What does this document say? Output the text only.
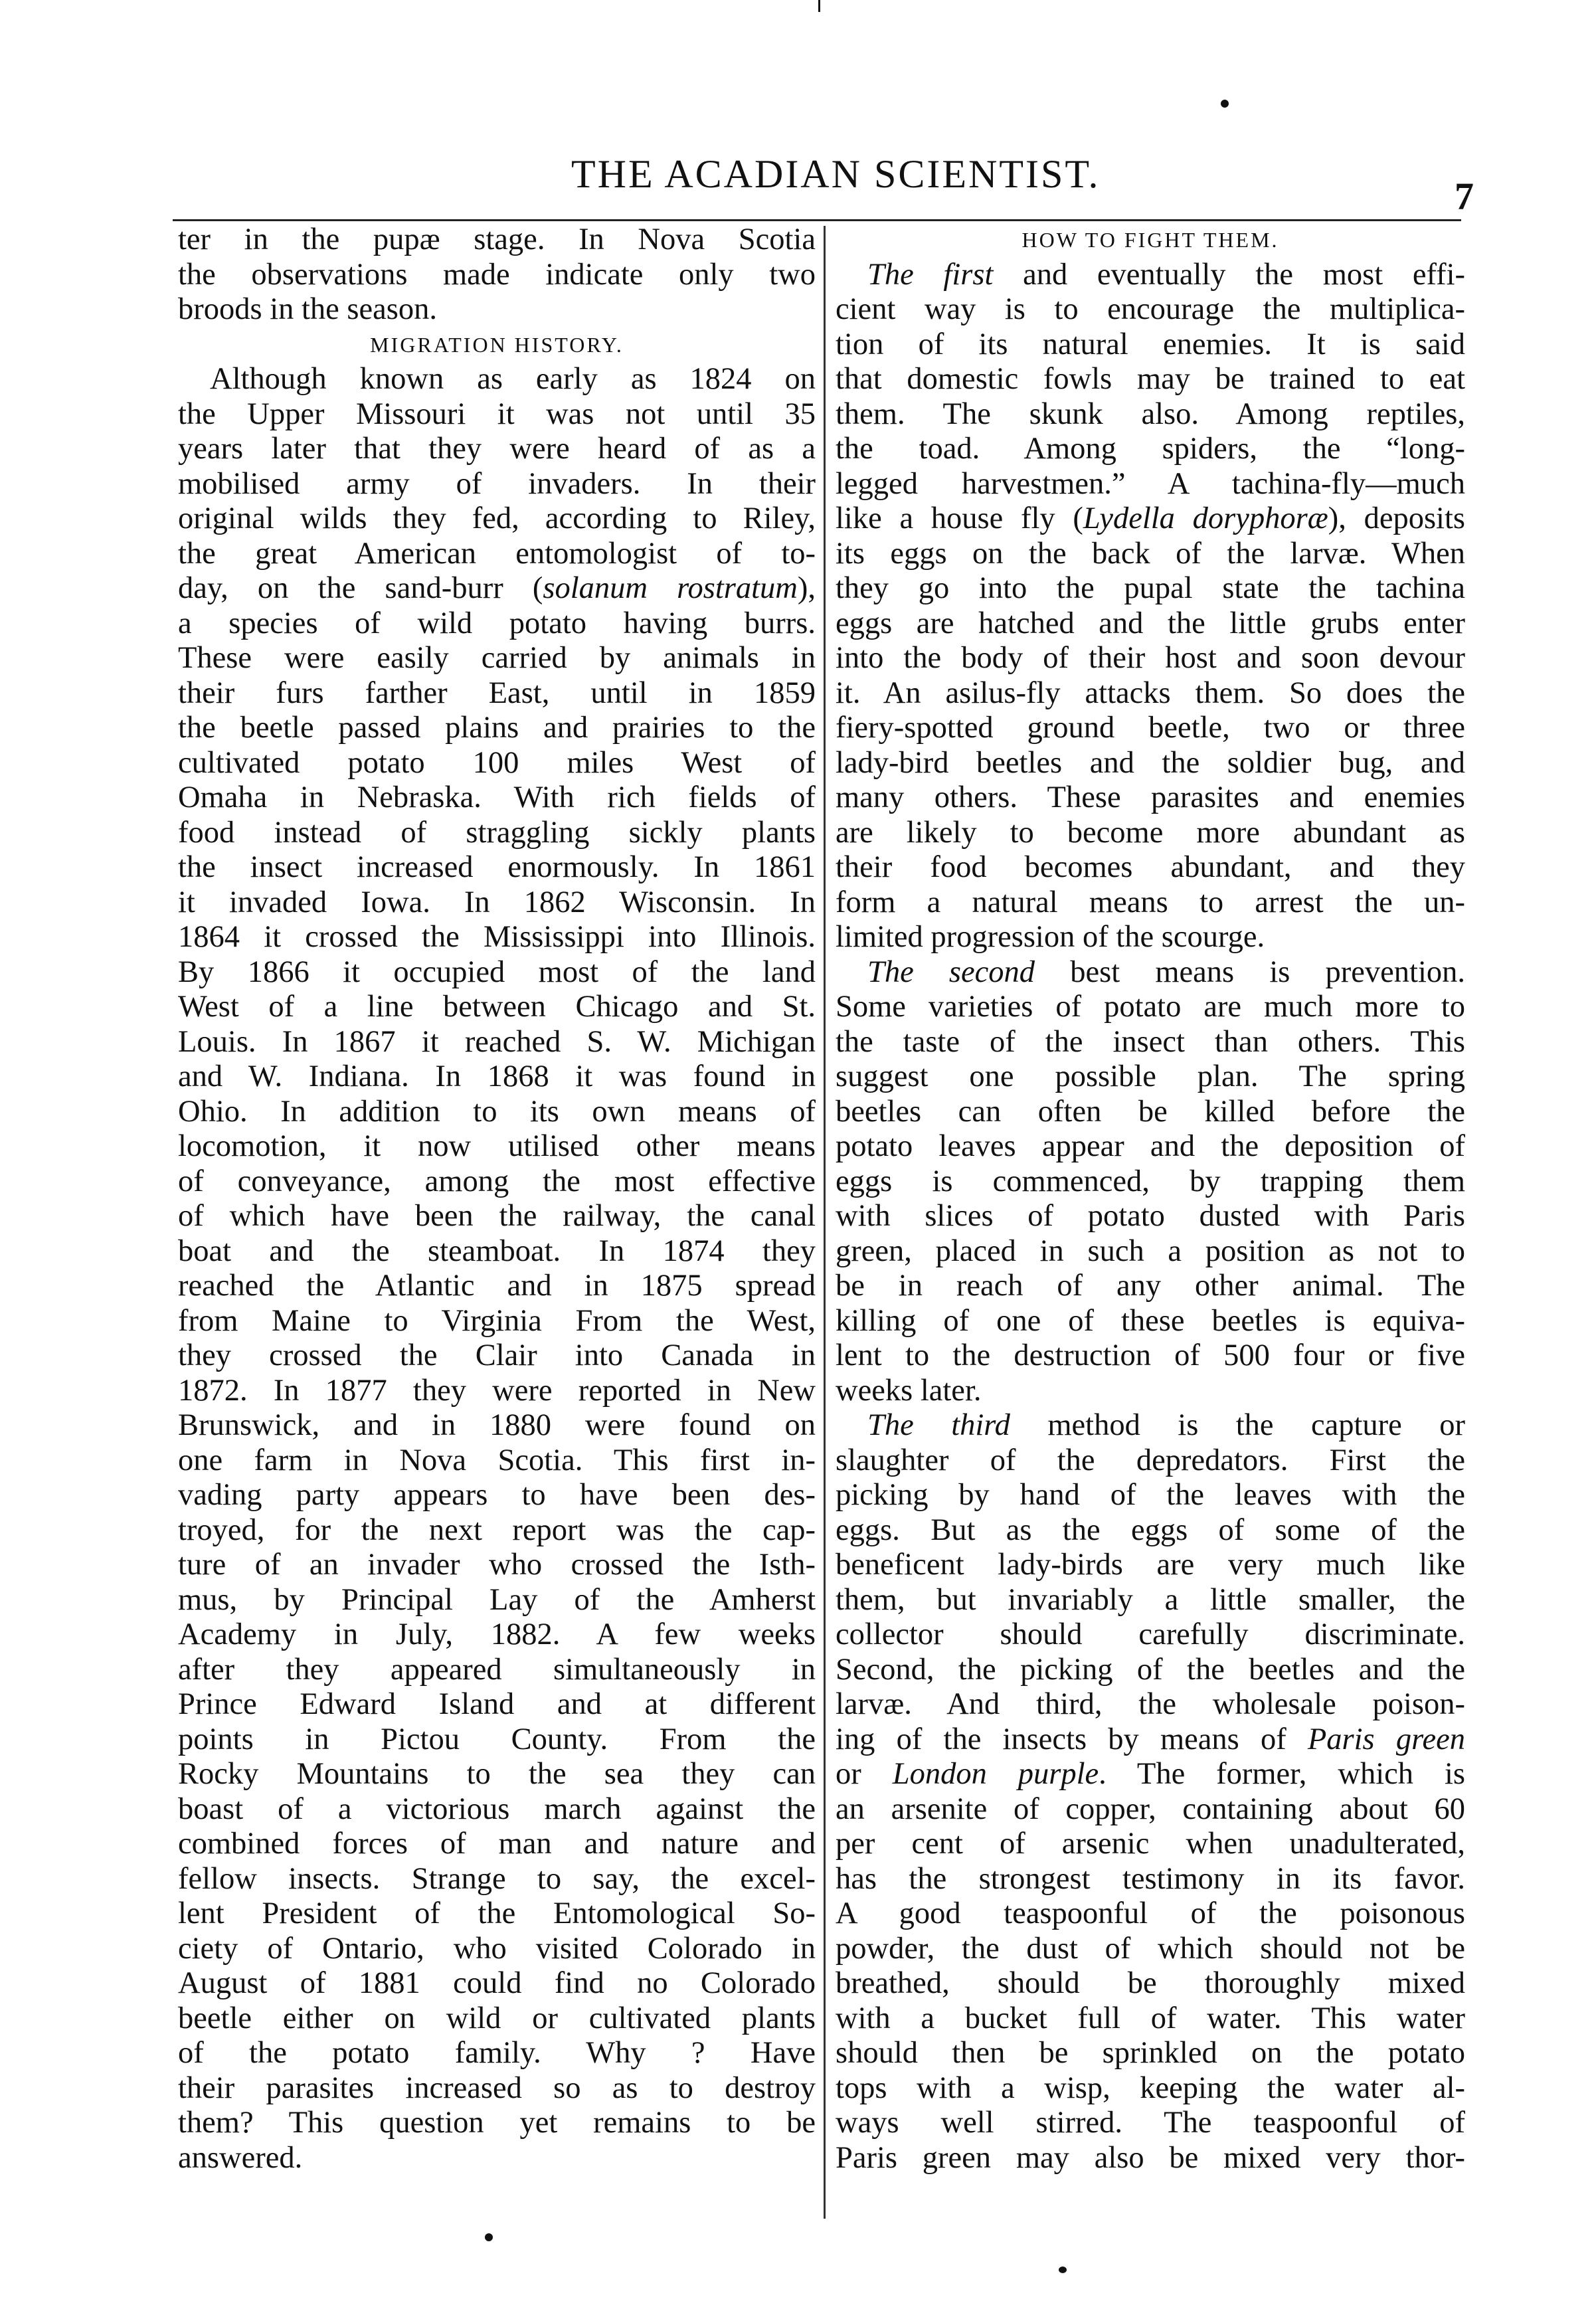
THE ACADIAN SCIENTIST.
7
ter in the pupæ stage. In Nova Scotia
the observations made indicate only two
broods in the season.
MIGRATION HISTORY.
Although known as early as 1824 on
the Upper Missouri it was not until 35
years later that they were heard of as a
mobilised army of invaders. In their
original wilds they fed, according to Riley,
the great American entomologist of to-
day, on the sand-burr (solanum rostratum),
a species of wild potato having burrs.
These were easily carried by animals in
their furs farther East, until in 1859
the beetle passed plains and prairies to the
cultivated potato 100 miles West of
Omaha in Nebraska. With rich fields of
food instead of straggling sickly plants
the insect increased enormously. In 1861
it invaded Iowa. In 1862 Wisconsin. In
1864 it crossed the Mississippi into Illinois.
By 1866 it occupied most of the land
West of a line between Chicago and St.
Louis. In 1867 it reached S. W. Michigan
and W. Indiana. In 1868 it was found in
Ohio. In addition to its own means of
locomotion, it now utilised other means
of conveyance, among the most effective
of which have been the railway, the canal
boat and the steamboat. In 1874 they
reached the Atlantic and in 1875 spread
from Maine to Virginia From the West,
they crossed the Clair into Canada in
1872. In 1877 they were reported in New
Brunswick, and in 1880 were found on
one farm in Nova Scotia. This first in-
vading party appears to have been des-
troyed, for the next report was the cap-
ture of an invader who crossed the Isth-
mus, by Principal Lay of the Amherst
Academy in July, 1882. A few weeks
after they appeared simultaneously in
Prince Edward Island and at different
points in Pictou County. From the
Rocky Mountains to the sea they can
boast of a victorious march against the
combined forces of man and nature and
fellow insects. Strange to say, the excel-
lent President of the Entomological So-
ciety of Ontario, who visited Colorado in
August of 1881 could find no Colorado
beetle either on wild or cultivated plants
of the potato family. Why ? Have
their parasites increased so as to destroy
them? This question yet remains to be
answered.
HOW TO FIGHT THEM.
The first and eventually the most effi-
cient way is to encourage the multiplica-
tion of its natural enemies. It is said
that domestic fowls may be trained to eat
them. The skunk also. Among reptiles,
the toad. Among spiders, the “long-
legged harvestmen.” A tachina-fly—much
like a house fly (Lydella doryphoræ), deposits
its eggs on the back of the larvæ. When
they go into the pupal state the tachina
eggs are hatched and the little grubs enter
into the body of their host and soon devour
it. An asilus-fly attacks them. So does the
fiery-spotted ground beetle, two or three
lady-bird beetles and the soldier bug, and
many others. These parasites and enemies
are likely to become more abundant as
their food becomes abundant, and they
form a natural means to arrest the un-
limited progression of the scourge.
The second best means is prevention.
Some varieties of potato are much more to
the taste of the insect than others. This
suggest one possible plan. The spring
beetles can often be killed before the
potato leaves appear and the deposition of
eggs is commenced, by trapping them
with slices of potato dusted with Paris
green, placed in such a position as not to
be in reach of any other animal. The
killing of one of these beetles is equiva-
lent to the destruction of 500 four or five
weeks later.
The third method is the capture or
slaughter of the depredators. First the
picking by hand of the leaves with the
eggs. But as the eggs of some of the
beneficent lady-birds are very much like
them, but invariably a little smaller, the
collector should carefully discriminate.
Second, the picking of the beetles and the
larvæ. And third, the wholesale poison-
ing of the insects by means of Paris green
or London purple. The former, which is
an arsenite of copper, containing about 60
per cent of arsenic when unadulterated,
has the strongest testimony in its favor.
A good teaspoonful of the poisonous
powder, the dust of which should not be
breathed, should be thoroughly mixed
with a bucket full of water. This water
should then be sprinkled on the potato
tops with a wisp, keeping the water al-
ways well stirred. The teaspoonful of
Paris green may also be mixed very thor-
